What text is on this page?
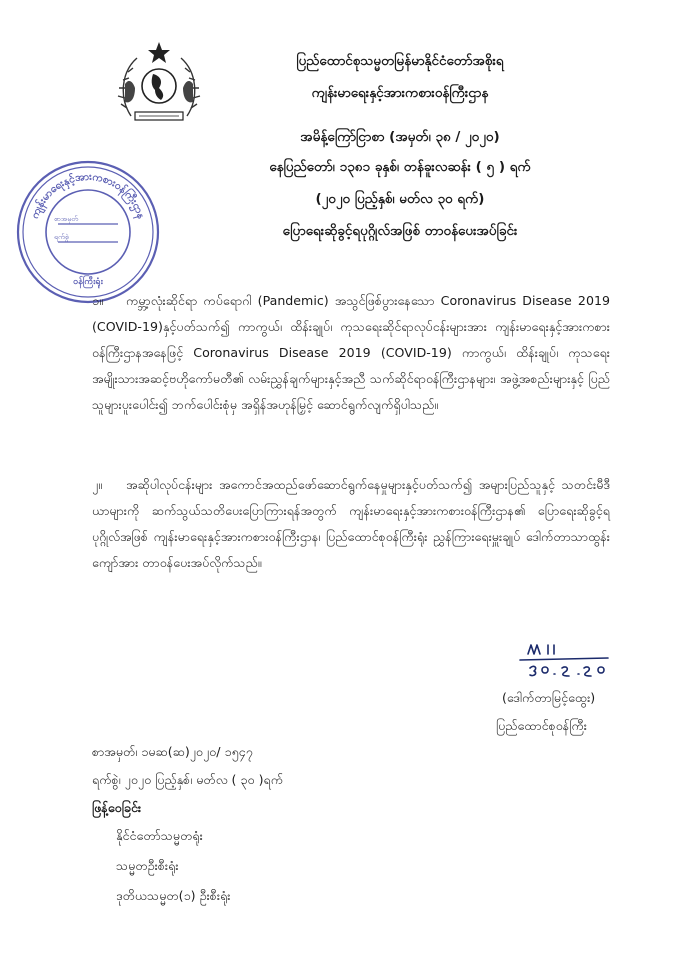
ကျန်းမာရေးနှင့်အားကစားဝန်ကြီးဌာန
စာအမှတ်
ရက်စွဲ
ဝန်ကြီးရုံး
ပြည်ထောင်စုသမ္မတမြန်မာနိုင်ငံတော်အစိုးရ
ကျန်းမာရေးနှင့်အားကစားဝန်ကြီးဌာန
အမိန့်ကြော်ငြာစာ (အမှတ်၊ ၃၈ / ၂၀၂၀)
နေပြည်တော်၊ ၁၃၈၁ ခုနှစ်၊ တန်ခူးလဆန်း ( ၅ ) ရက်
(၂၀၂၀ ပြည့်နှစ်၊ မတ်လ ၃၀ ရက်)
ပြောရေးဆိုခွင့်ရပုဂ္ဂိုလ်အဖြစ် တာဝန်ပေးအပ်ခြင်း
၁။ ကမ္ဘာ့လုံးဆိုင်ရာ ကပ်ရောဂါ (Pandemic) အသွင်ဖြစ်ပွားနေသော Coronavirus Disease 2019 (COVID-19)နှင့်ပတ်သက်၍ ကာကွယ်၊ ထိန်းချုပ်၊ ကုသရေးဆိုင်ရာလုပ်ငန်းများအား ကျန်းမာရေးနှင့်အားကစားဝန်ကြီးဌာနအနေဖြင့် Coronavirus Disease 2019 (COVID-19) ကာကွယ်၊ ထိန်းချုပ်၊ ကုသရေး အမျိုးသားအဆင့်ဗဟိုကော်မတီ၏ လမ်းညွှန်ချက်များနှင့်အညီ သက်ဆိုင်ရာဝန်ကြီးဌာနများ၊ အဖွဲ့အစည်းများနှင့် ပြည်သူများပူးပေါင်း၍ ဘက်ပေါင်းစုံမှ အရှိန်အဟုန်မြှင့် ဆောင်ရွက်လျက်ရှိပါသည်။
၂။ အဆိုပါလုပ်ငန်းများ အကောင်အထည်ဖော်ဆောင်ရွက်နေမှုများနှင့်ပတ်သက်၍ အများပြည်သူနှင့် သတင်းမီဒီယာများကို ဆက်သွယ်သတိပေးပြောကြားရန်အတွက် ကျန်းမာရေးနှင့်အားကစားဝန်ကြီးဌာန၏ ပြောရေးဆိုခွင့်ရပုဂ္ဂိုလ်အဖြစ် ကျန်းမာရေးနှင့်အားကစားဝန်ကြီးဌာန၊ ပြည်ထောင်စုဝန်ကြီးရုံး ညွှန်ကြားရေးမှူးချုပ် ဒေါက်တာသာထွန်းကျော်အား တာဝန်ပေးအပ်လိုက်သည်။
(ဒေါက်တာမြင့်ထွေး)
ပြည်ထောင်စုဝန်ကြီး
စာအမှတ်၊ ၁မဆ(ဆ)၂၀၂၀/ ၁၅၄၇
ရက်စွဲ၊ ၂၀၂၀ ပြည့်နှစ်၊ မတ်လ ( ၃၀ )ရက်
ဖြန့်ဝေခြင်း
နိုင်ငံတော်သမ္မတရုံး
သမ္မတဦးစီးရုံး
ဒုတိယသမ္မတ(၁) ဦးစီးရုံး
